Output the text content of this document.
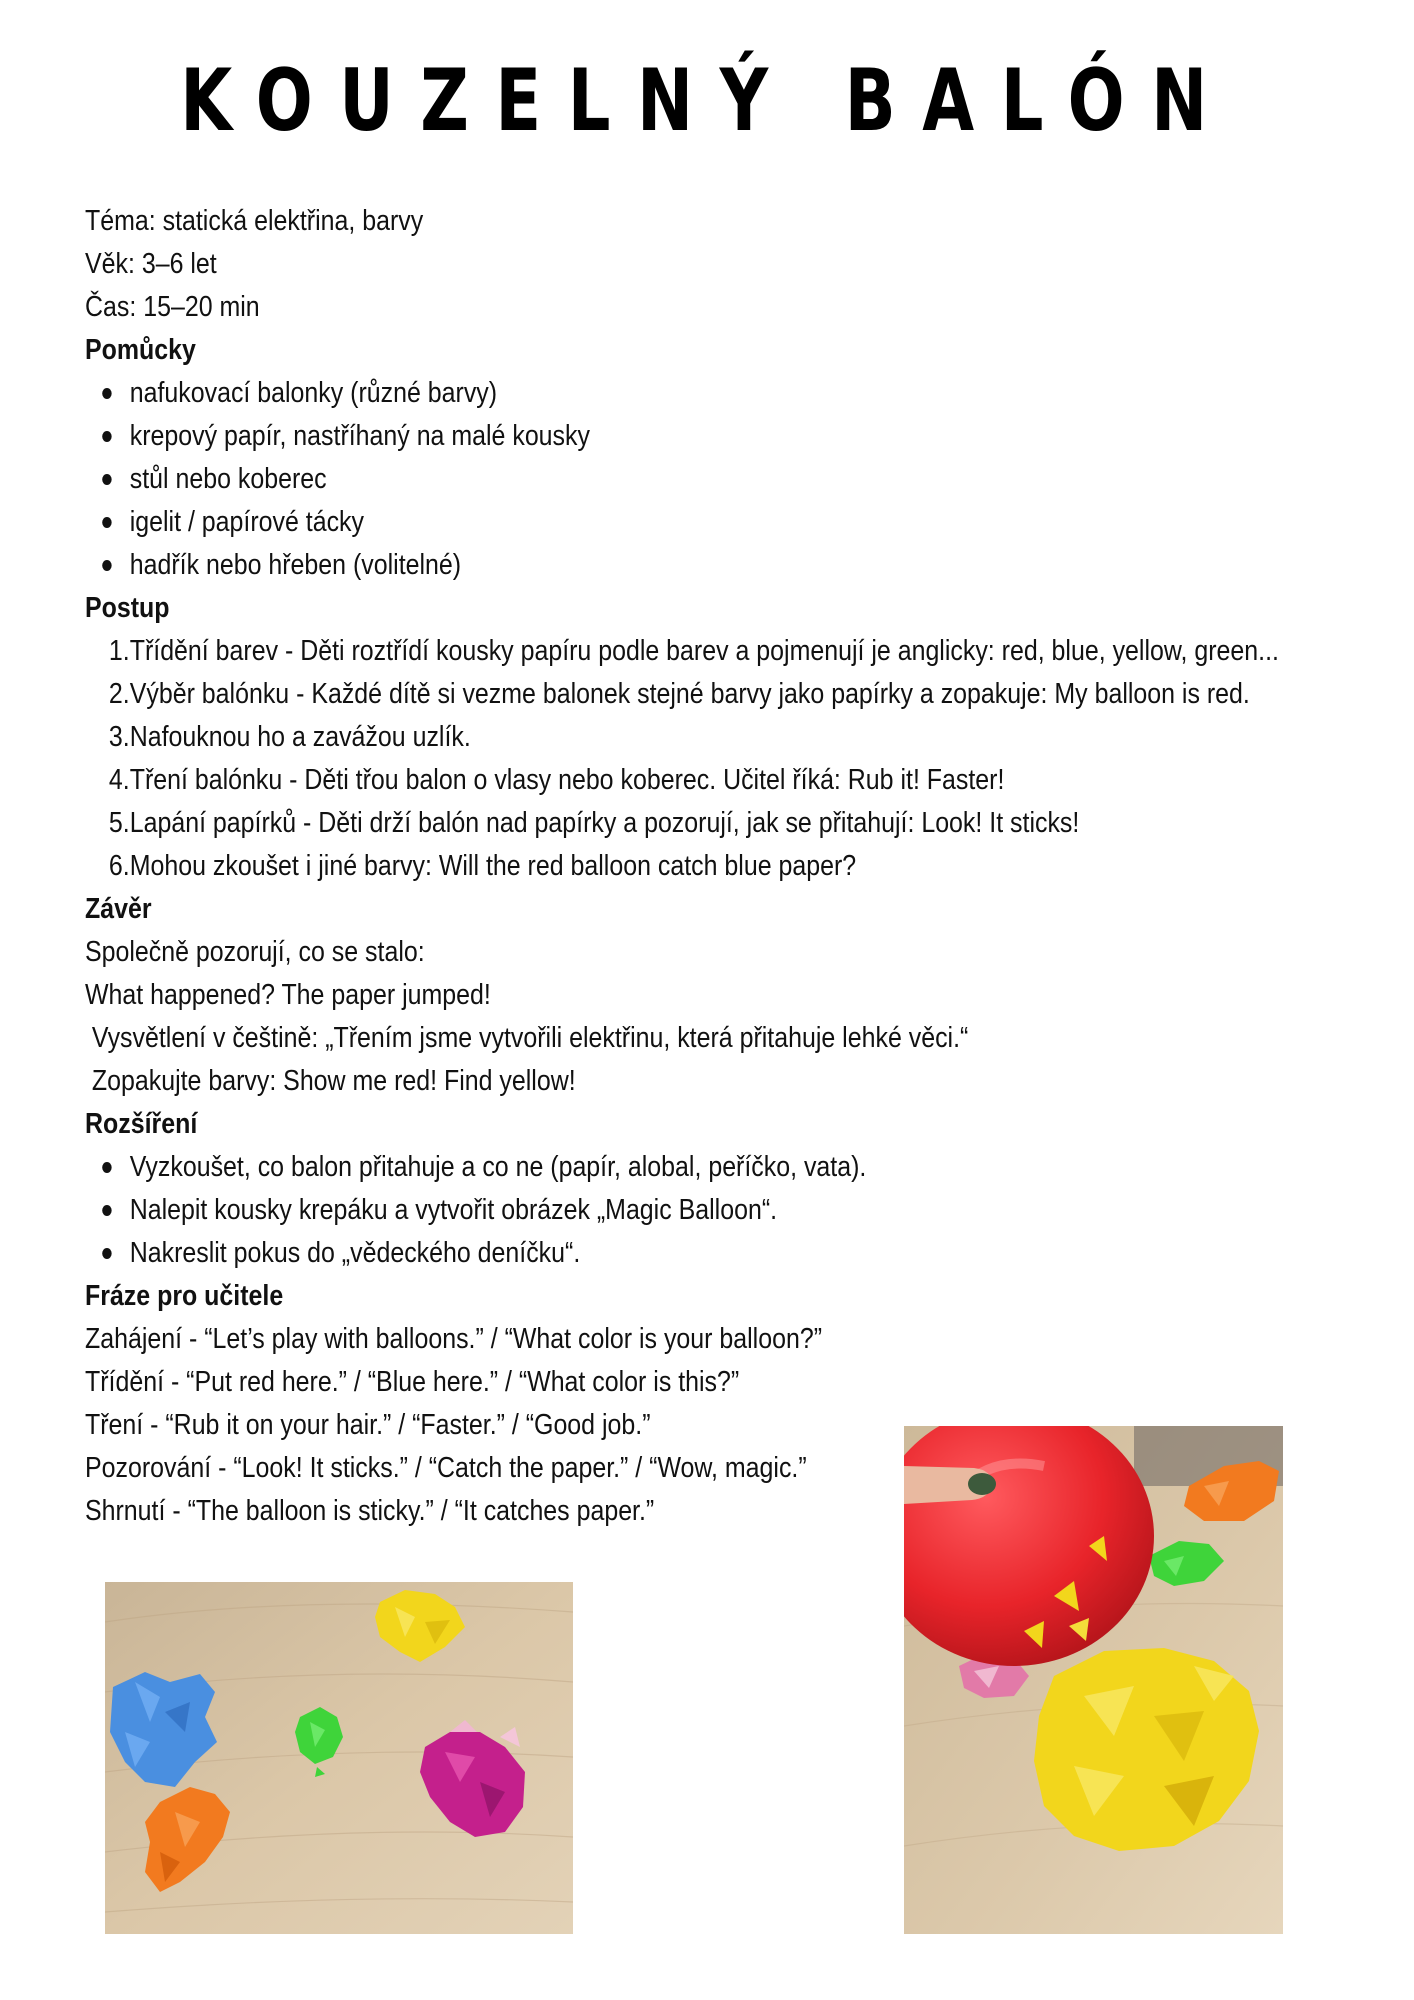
KOUZELNÝ BALÓN
Téma: statická elektřina, barvy
Věk: 3–6 let
Čas: 15–20 min
Pomůcky
nafukovací balonky (různé barvy)
krepový papír, nastříhaný na malé kousky
stůl nebo koberec
igelit / papírové tácky
hadřík nebo hřeben (volitelné)
Postup
1. Třídění barev - Děti roztřídí kousky papíru podle barev a pojmenují je anglicky: red, blue, yellow, green...
2. Výběr balónku - Každé dítě si vezme balonek stejné barvy jako papírky a zopakuje: My balloon is red.
3. Nafouknou ho a zavážou uzlík.
4. Tření balónku - Děti třou balon o vlasy nebo koberec. Učitel říká: Rub it! Faster!
5. Lapání papírků - Děti drží balón nad papírky a pozorují, jak se přitahují: Look! It sticks!
6. Mohou zkoušet i jiné barvy: Will the red balloon catch blue paper?
Závěr
Společně pozorují, co se stalo:
What happened? The paper jumped!
Vysvětlení v češtině: „Třením jsme vytvořili elektřinu, která přitahuje lehké věci.“
Zopakujte barvy: Show me red! Find yellow!
Rozšíření
Vyzkoušet, co balon přitahuje a co ne (papír, alobal, peříčko, vata).
Nalepit kousky krepáku a vytvořit obrázek „Magic Balloon“.
Nakreslit pokus do „vědeckého deníčku“.
Fráze pro učitele
Zahájení - “Let’s play with balloons.” / “What color is your balloon?”
Třídění - “Put red here.” / “Blue here.” / “What color is this?”
Tření - “Rub it on your hair.” / “Faster.” / “Good job.”
Pozorování - “Look! It sticks.” / “Catch the paper.” / “Wow, magic.”
Shrnutí - “The balloon is sticky.” / “It catches paper.”
